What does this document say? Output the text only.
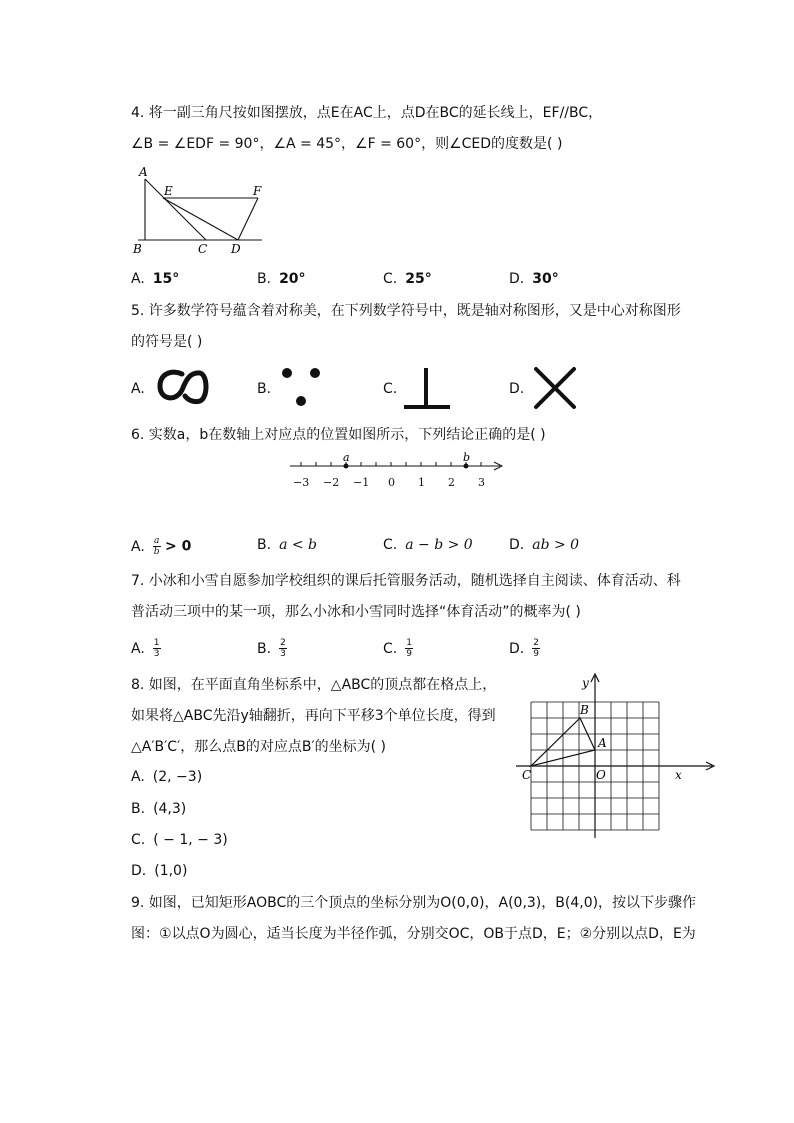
4. 将一副三角尺按如图摆放，点E在AC上，点D在BC的延长线上，EF//BC，
∠B = ∠EDF = 90°，∠A = 45°，∠F = 60°，则∠CED的度数是( )
A
E	F
B	C D
A. 15°	B. 20°	C. 25°	D. 30°
5. 许多数学符号蕴含着对称美，在下列数学符号中，既是轴对称图形，又是中心对称图形
的符号是( )
A.	B.	C.	D.
6. 实数a，b在数轴上对应点的位置如图所示，下列结论正确的是( )
−3 −2 −1 0 1 2 3
a	b
A. $\frac{a}{b} > 0$	B. a < b	C. a − b > 0	D. ab > 0
7. 小冰和小雪自愿参加学校组织的课后托管服务活动，随机选择自主阅读、体育活动、科
普活动三项中的某一项，那么小冰和小雪同时选择“体育活动”的概率为( )
A. $\frac{1}{3}$	B. $\frac{2}{3}$	C. $\frac{1}{9}$	D. $\frac{2}{9}$
8. 如图，在平面直角坐标系中，△ABC的顶点都在格点上，
如果将△ABC先沿y轴翻折，再向下平移3个单位长度，得到
△A′B′C′，那么点B的对应点B′的坐标为( )
y
x
B
A
C	O
A. (2, −3)
B. (4,3)
C. ( − 1, − 3)
D. (1,0)
9. 如图，已知矩形AOBC的三个顶点的坐标分别为O(0,0)，A(0,3)，B(4,0)，按以下步骤作
图：①以点O为圆心，适当长度为半径作弧，分别交OC，OB于点D，E；②分别以点D，E为
